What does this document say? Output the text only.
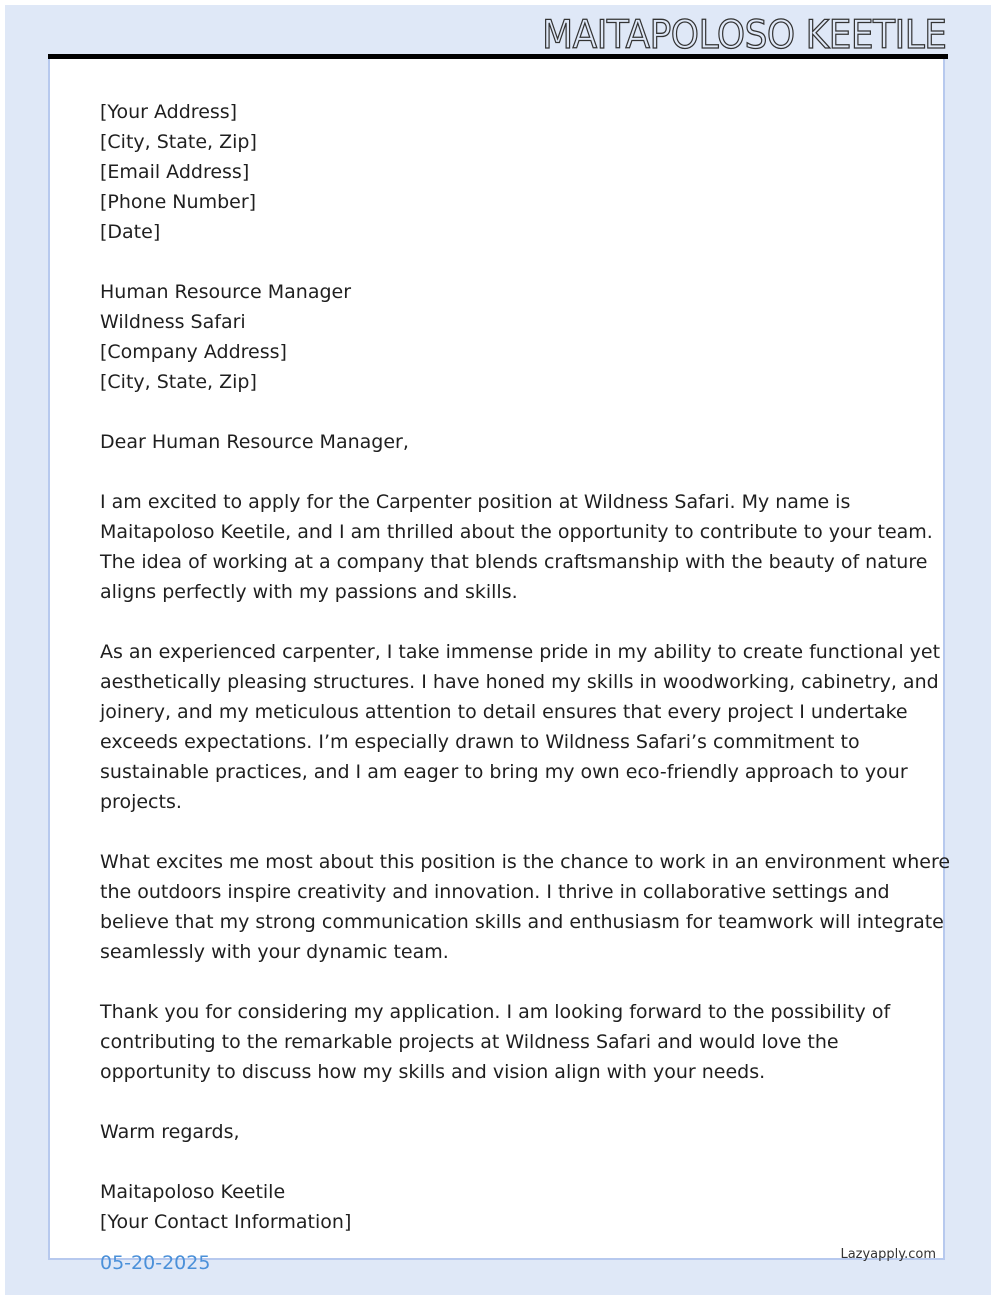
MAITAPOLOSO KEETILE
[Your Address]
[City, State, Zip]
[Email Address]
[Phone Number]
[Date]
Human Resource Manager
Wildness Safari
[Company Address]
[City, State, Zip]
Dear Human Resource Manager,
I am excited to apply for the Carpenter position at Wildness Safari. My name is
Maitapoloso Keetile, and I am thrilled about the opportunity to contribute to your team.
The idea of working at a company that blends craftsmanship with the beauty of nature
aligns perfectly with my passions and skills.
As an experienced carpenter, I take immense pride in my ability to create functional yet
aesthetically pleasing structures. I have honed my skills in woodworking, cabinetry, and
joinery, and my meticulous attention to detail ensures that every project I undertake
exceeds expectations. I’m especially drawn to Wildness Safari’s commitment to
sustainable practices, and I am eager to bring my own eco-friendly approach to your
projects.
What excites me most about this position is the chance to work in an environment where
the outdoors inspire creativity and innovation. I thrive in collaborative settings and
believe that my strong communication skills and enthusiasm for teamwork will integrate
seamlessly with your dynamic team.
Thank you for considering my application. I am looking forward to the possibility of
contributing to the remarkable projects at Wildness Safari and would love the
opportunity to discuss how my skills and vision align with your needs.
Warm regards,
Maitapoloso Keetile
[Your Contact Information]
05-20-2025	Lazyapply.com
